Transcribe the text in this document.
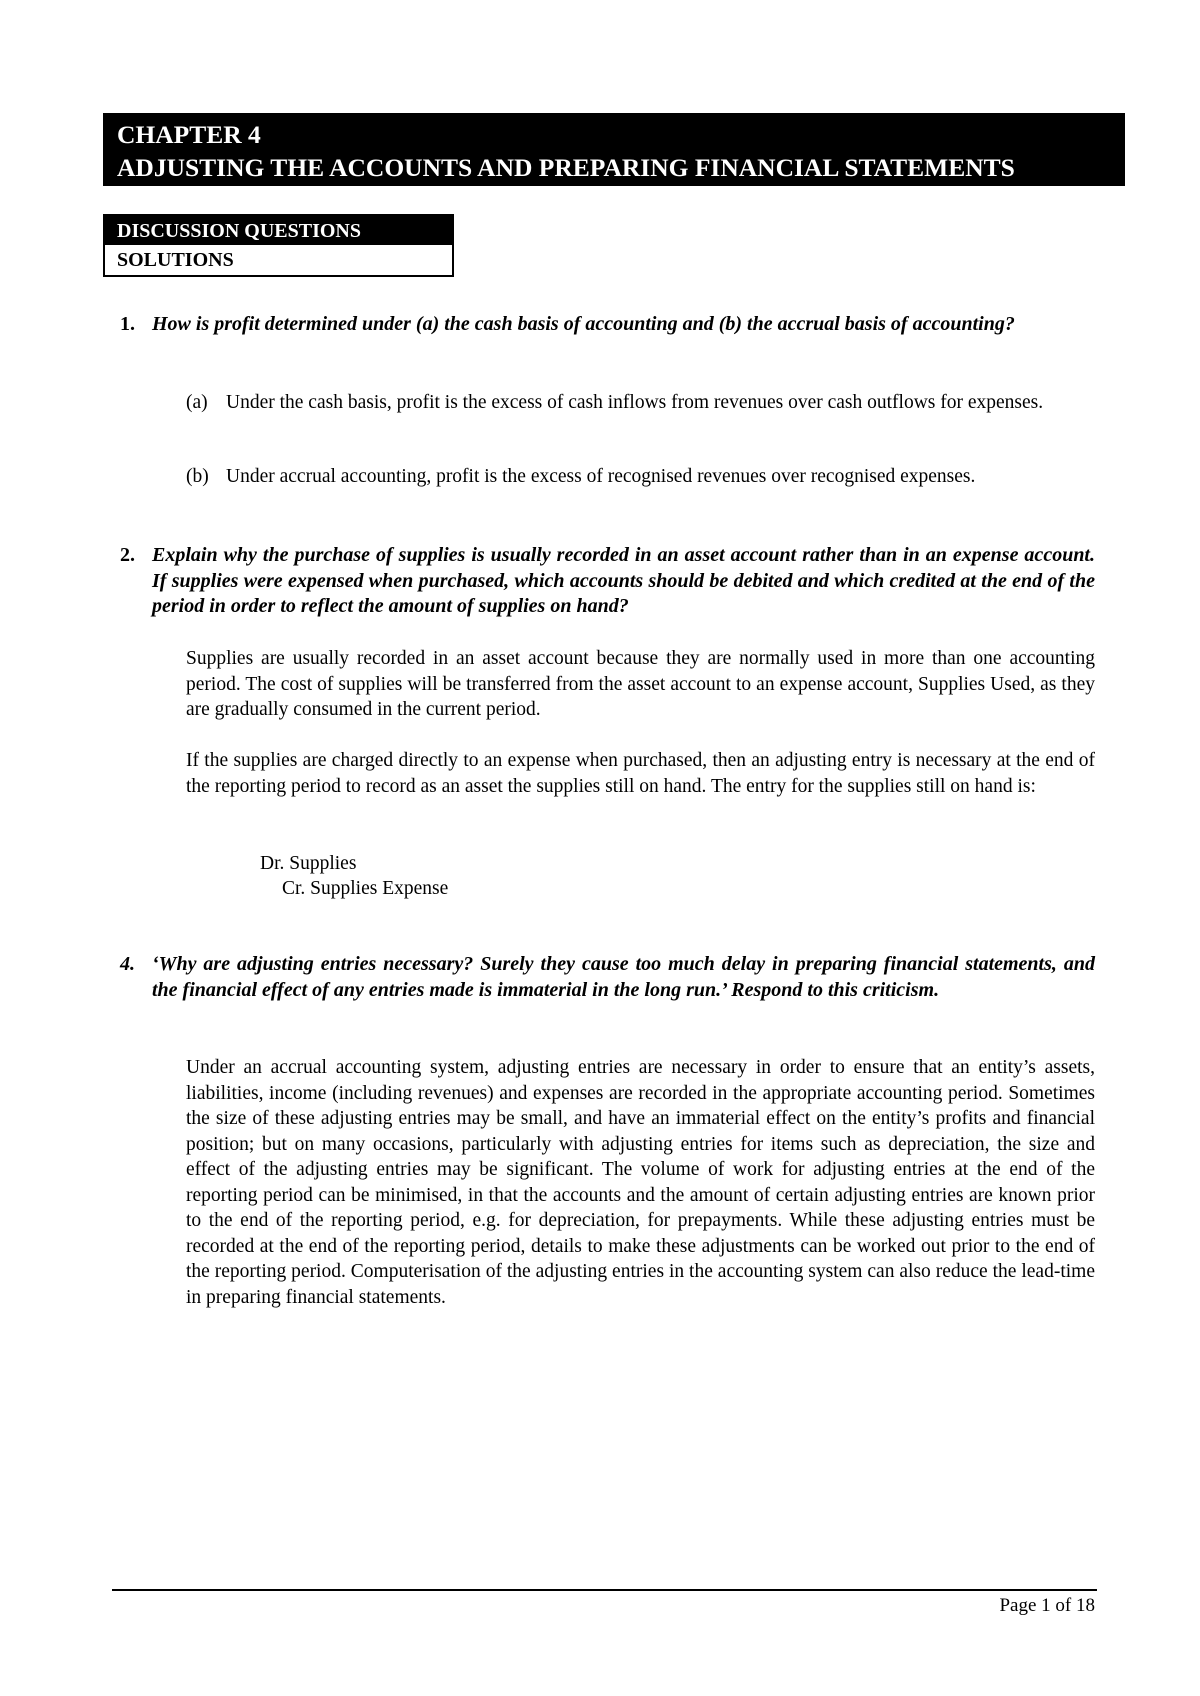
CHAPTER 4
ADJUSTING THE ACCOUNTS AND PREPARING FINANCIAL STATEMENTS
DISCUSSION QUESTIONS
SOLUTIONS
1. How is profit determined under (a) the cash basis of accounting and (b) the accrual basis of accounting?
(a) Under the cash basis, profit is the excess of cash inflows from revenues over cash outflows for expenses.
(b) Under accrual accounting, profit is the excess of recognised revenues over recognised expenses.
2. Explain why the purchase of supplies is usually recorded in an asset account rather than in an expense account. If supplies were expensed when purchased, which accounts should be debited and which credited at the end of the period in order to reflect the amount of supplies on hand?
Supplies are usually recorded in an asset account because they are normally used in more than one accounting period. The cost of supplies will be transferred from the asset account to an expense account, Supplies Used, as they are gradually consumed in the current period.
If the supplies are charged directly to an expense when purchased, then an adjusting entry is necessary at the end of the reporting period to record as an asset the supplies still on hand. The entry for the supplies still on hand is:
Dr. Supplies
Cr. Supplies Expense
4. ‘Why are adjusting entries necessary? Surely they cause too much delay in preparing financial statements, and the financial effect of any entries made is immaterial in the long run.’ Respond to this criticism.
Under an accrual accounting system, adjusting entries are necessary in order to ensure that an entity’s assets, liabilities, income (including revenues) and expenses are recorded in the appropriate accounting period. Sometimes the size of these adjusting entries may be small, and have an immaterial effect on the entity’s profits and financial position; but on many occasions, particularly with adjusting entries for items such as depreciation, the size and effect of the adjusting entries may be significant. The volume of work for adjusting entries at the end of the reporting period can be minimised, in that the accounts and the amount of certain adjusting entries are known prior to the end of the reporting period, e.g. for depreciation, for prepayments. While these adjusting entries must be recorded at the end of the reporting period, details to make these adjustments can be worked out prior to the end of the reporting period. Computerisation of the adjusting entries in the accounting system can also reduce the lead-time in preparing financial statements.
Page 1 of 18
